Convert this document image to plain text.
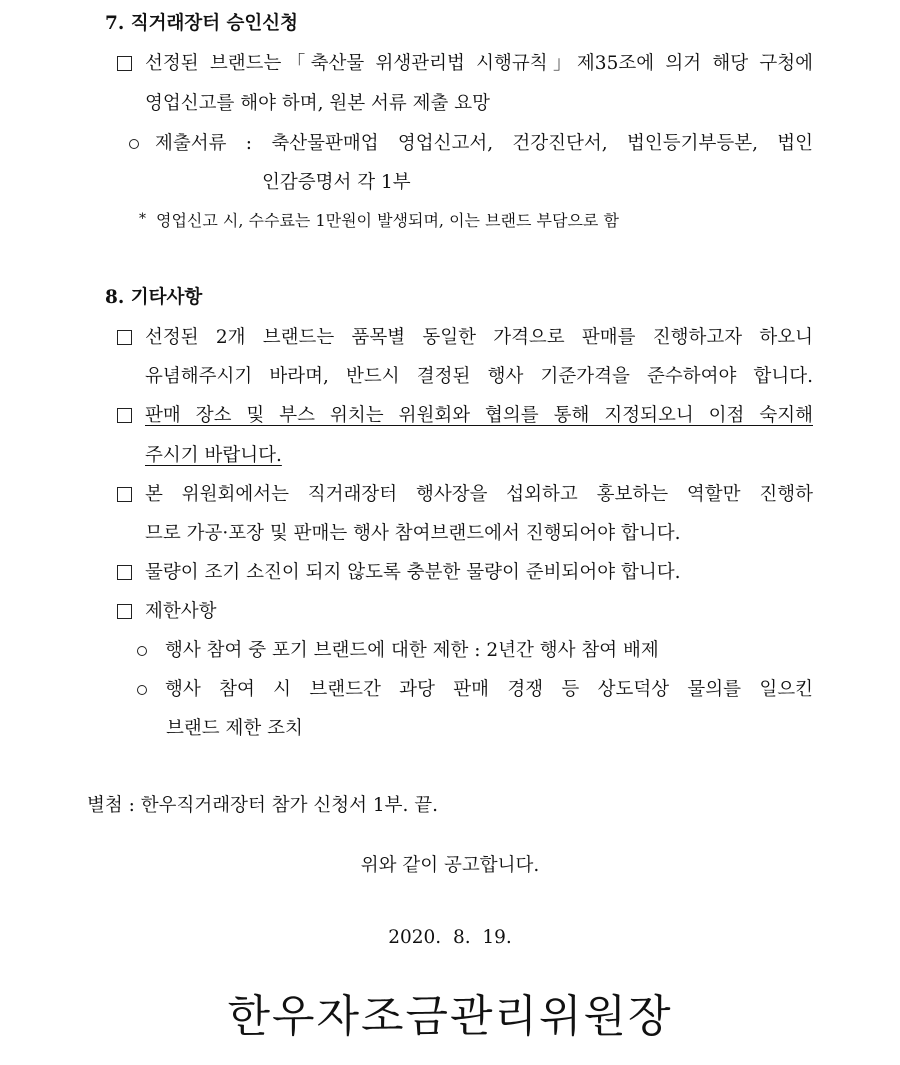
7. 직거래장터 승인신청
선정된 브랜드는「축산물 위생관리법 시행규칙」제35조에 의거 해당 구청에
영업신고를 해야 하며, 원본 서류 제출 요망
제출서류 : 축산물판매업 영업신고서, 건강진단서, 법인등기부등본, 법인
인감증명서 각 1부
* 영업신고 시, 수수료는 1만원이 발생되며, 이는 브랜드 부담으로 함
8. 기타사항
선정된 2개 브랜드는 품목별 동일한 가격으로 판매를 진행하고자 하오니
유념해주시기 바라며, 반드시 결정된 행사 기준가격을 준수하여야 합니다.
판매 장소 및 부스 위치는 위원회와 협의를 통해 지정되오니 이점 숙지해
주시기 바랍니다.
본 위원회에서는 직거래장터 행사장을 섭외하고 홍보하는 역할만 진행하
므로 가공·포장 및 판매는 행사 참여브랜드에서 진행되어야 합니다.
물량이 조기 소진이 되지 않도록 충분한 물량이 준비되어야 합니다.
제한사항
행사 참여 중 포기 브랜드에 대한 제한 : 2년간 행사 참여 배제
행사 참여 시 브랜드간 과당 판매 경쟁 등 상도덕상 물의를 일으킨
브랜드 제한 조치
별첨 : 한우직거래장터 참가 신청서 1부. 끝.
위와 같이 공고합니다.
2020.  8.  19.
한우자조금관리위원장
